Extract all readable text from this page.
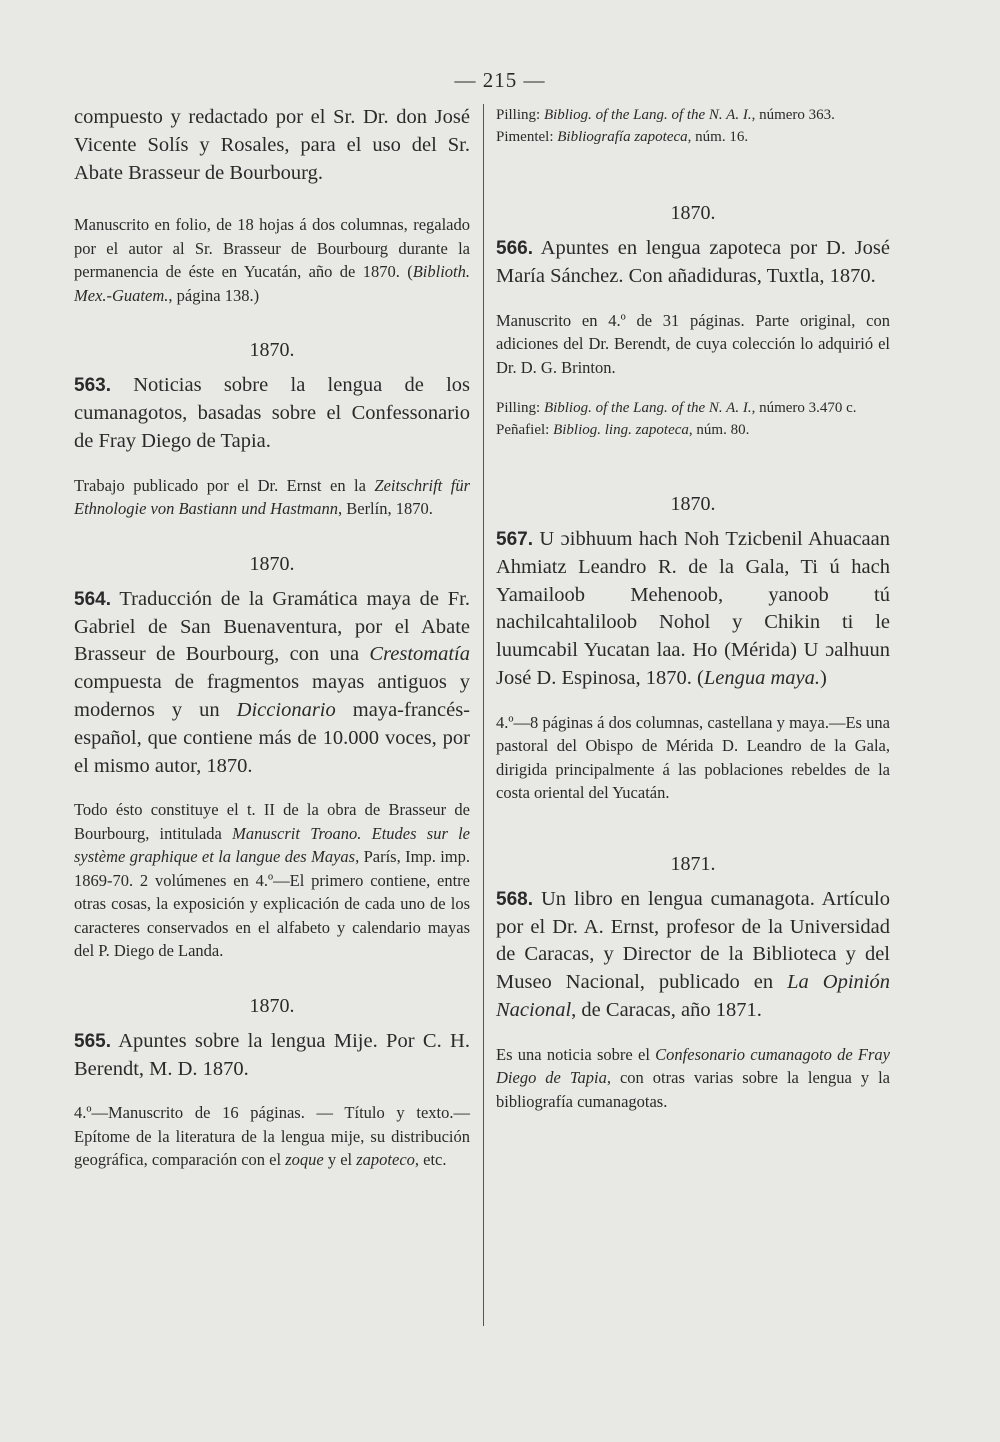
— 215 —

compuesto y redactado por el Sr. Dr. don José Vicente Solís y Rosales, para el uso del Sr. Abate Brasseur de Bourbourg.

Manuscrito en folio, de 18 hojas á dos columnas, regalado por el autor al Sr. Brasseur de Bourbourg durante la permanencia de éste en Yucatán, año de 1870. (Biblioth. Mex.-Guatem., página 138.)

1870.

563. Noticias sobre la lengua de los cumanagotos, basadas sobre el Confessonario de Fray Diego de Tapia.

Trabajo publicado por el Dr. Ernst en la Zeitschrift für Ethnologie von Bastiann und Hastmann, Berlín, 1870.

1870.

564. Traducción de la Gramática maya de Fr. Gabriel de San Buenaventura, por el Abate Brasseur de Bourbourg, con una Crestomatía compuesta de fragmentos mayas antiguos y modernos y un Diccionario maya-francés-español, que contiene más de 10.000 voces, por el mismo autor, 1870.

Todo ésto constituye el t. II de la obra de Brasseur de Bourbourg, intitulada Manuscrit Troano. Etudes sur le système graphique et la langue des Mayas, París, Imp. imp. 1869-70. 2 volúmenes en 4.º—El primero contiene, entre otras cosas, la exposición y explicación de cada uno de los caracteres conservados en el alfabeto y calendario mayas del P. Diego de Landa.

1870.

565. Apuntes sobre la lengua Mije. Por C. H. Berendt, M. D. 1870.

4.º—Manuscrito de 16 páginas. — Título y texto.—Epítome de la literatura de la lengua mije, su distribución geográfica, comparación con el zoque y el zapoteco, etc.

Pilling: Bibliog. of the Lang. of the N. A. I., número 363.

Pimentel: Bibliografía zapoteca, núm. 16.

1870.

566. Apuntes en lengua zapoteca por D. José María Sánchez. Con añadiduras, Tuxtla, 1870.

Manuscrito en 4.º de 31 páginas. Parte original, con adiciones del Dr. Berendt, de cuya colección lo adquirió el Dr. D. G. Brinton.

Pilling: Bibliog. of the Lang. of the N. A. I., número 3.470 c.

Peñafiel: Bibliog. ling. zapoteca, núm. 80.

1870.

567. U ɔibhuum hach Noh Tzicbenil Ahuacaan Ahmiatz Leandro R. de la Gala, Ti ú hach Yamailoob Mehenoob, yanoob tú nachilcahtaliloob Nohol y Chikin ti le luumcabil Yucatan laa. Ho (Mérida) U ɔalhuun José D. Espinosa, 1870. (Lengua maya.)

4.º—8 páginas á dos columnas, castellana y maya.—Es una pastoral del Obispo de Mérida D. Leandro de la Gala, dirigida principalmente á las poblaciones rebeldes de la costa oriental del Yucatán.

1871.

568. Un libro en lengua cumanagota. Artículo por el Dr. A. Ernst, profesor de la Universidad de Caracas, y Director de la Biblioteca y del Museo Nacional, publicado en La Opinión Nacional, de Caracas, año 1871.

Es una noticia sobre el Confesonario cumanagoto de Fray Diego de Tapia, con otras varias sobre la lengua y la bibliografía cumanagotas.
